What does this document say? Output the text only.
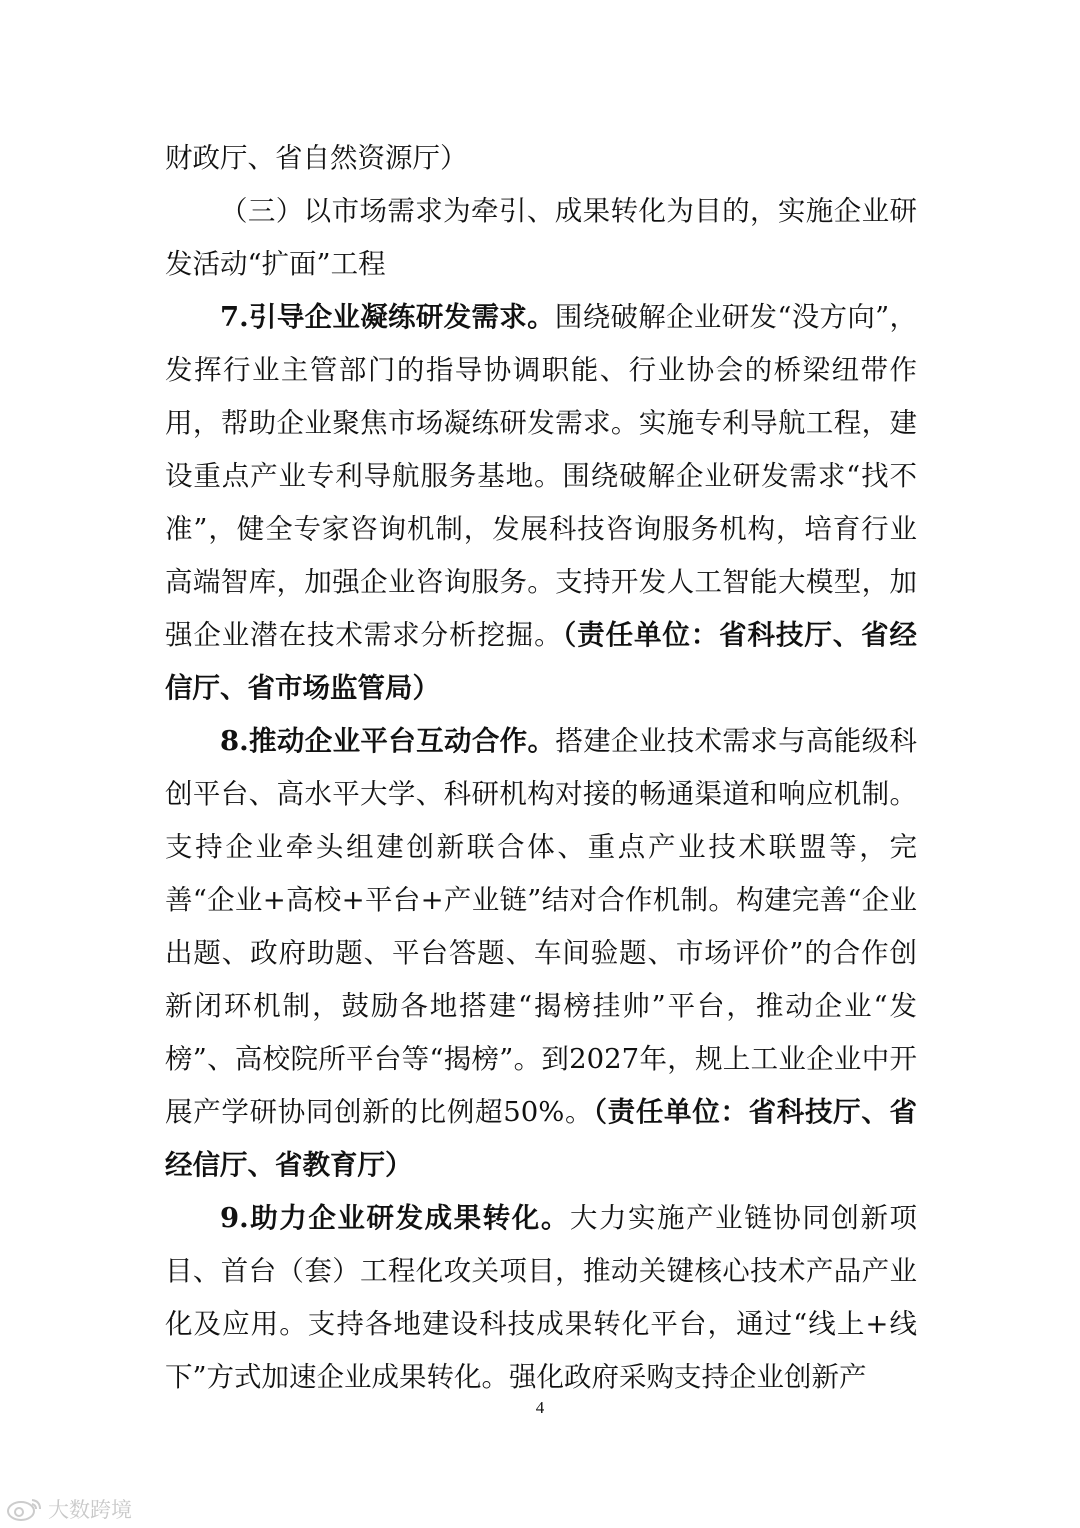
财政厅、省自然资源厅）

（三）以市场需求为牵引、成果转化为目的，实施企业研发活动“扩面”工程

7.引导企业凝练研发需求。围绕破解企业研发“没方向”，发挥行业主管部门的指导协调职能、行业协会的桥梁纽带作用，帮助企业聚焦市场凝练研发需求。实施专利导航工程，建设重点产业专利导航服务基地。围绕破解企业研发需求“找不准”，健全专家咨询机制，发展科技咨询服务机构，培育行业高端智库，加强企业咨询服务。支持开发人工智能大模型，加强企业潜在技术需求分析挖掘。（责任单位：省科技厅、省经信厅、省市场监管局）

8.推动企业平台互动合作。搭建企业技术需求与高能级科创平台、高水平大学、科研机构对接的畅通渠道和响应机制。支持企业牵头组建创新联合体、重点产业技术联盟等，完善“企业+高校+平台+产业链”结对合作机制。构建完善“企业出题、政府助题、平台答题、车间验题、市场评价”的合作创新闭环机制，鼓励各地搭建“揭榜挂帅”平台，推动企业“发榜”、高校院所平台等“揭榜”。到2027年，规上工业企业中开展产学研协同创新的比例超50%。（责任单位：省科技厅、省经信厅、省教育厅）

9.助力企业研发成果转化。大力实施产业链协同创新项目、首台（套）工程化攻关项目，推动关键核心技术产品产业化及应用。支持各地建设科技成果转化平台，通过“线上+线下”方式加速企业成果转化。强化政府采购支持企业创新产

4
大数跨境
